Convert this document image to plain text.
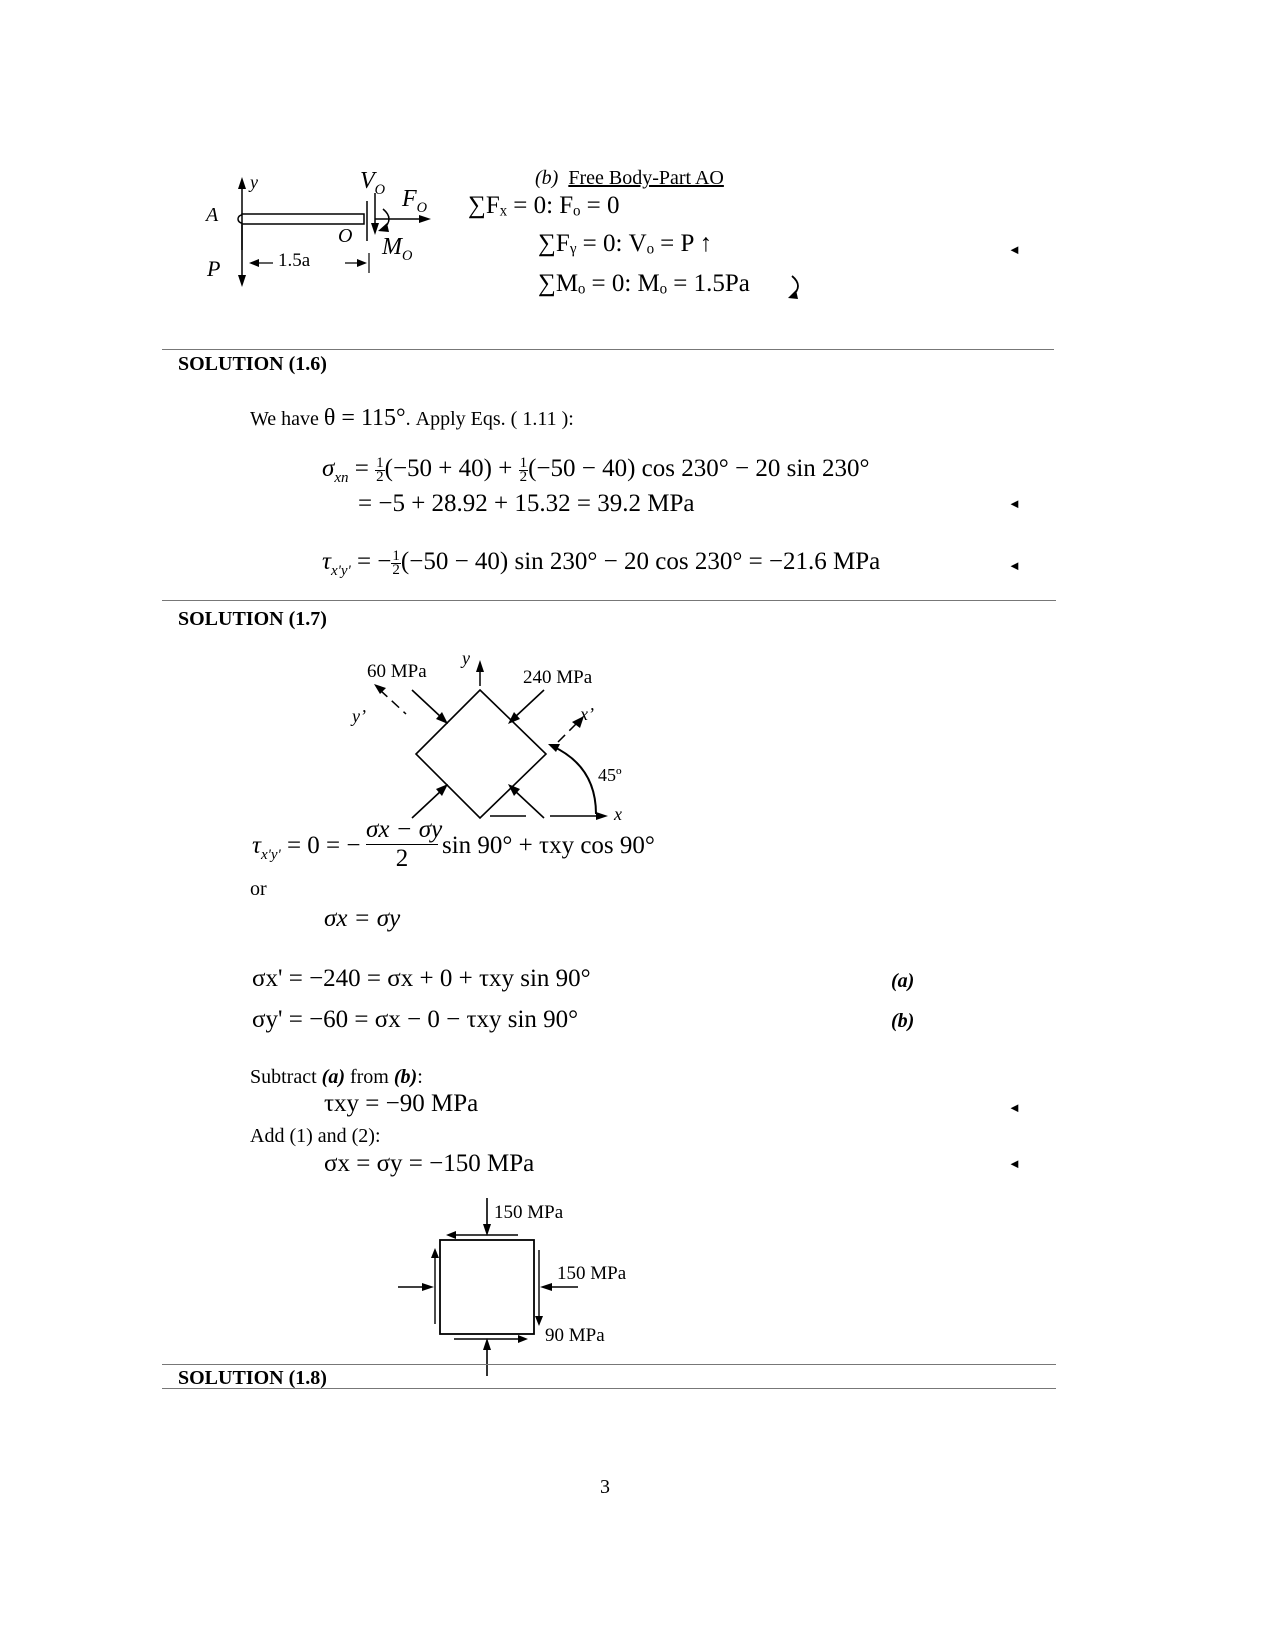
y
A
P
O
$V_O$ $F_O$
$M_O$
1.5a
(b) Free Body-Part AO
∑Fₓ = 0: Fₒ = 0
∑Fᵧ = 0: Vₒ = P ↑
∑Mₒ = 0: Mₒ = 1.5Pa
◄
SOLUTION (1.6)
We have θ = 115°. Apply Eqs. ( 1.11 ):
$\sigma_{xn} = \frac{1}{2} (-50 + 40) + \frac{1}{2} (-50 - 40)$ cos 230° − 20 sin 230°
= −5 + 28.92 + 15.32 = 39.2 MPa	◄
$\tau_{x'y'}$ = − $\frac{1}{2} (-50 - 40)$ sin 230° − 20 cos 230° = −21.6 MPa	◄
SOLUTION (1.7)
60 MPa	240 MPa
y
y’	x’
45º
x
$\tau_{x'y'} = 0$ = −
σx − σy
2	sin 90° + τxy cos 90°
or
σx = σy
σx' = −240 = σx + 0 + τxy sin 90°	(a)
σy' = −60 = σx − 0 − τxy sin 90°	(b)
Subtract (a) from (b):
τxy = −90 MPa	◄
Add (1) and (2):
σx = σy = −150 MPa	◄
150 MPa
150 MPa
90 MPa
SOLUTION (1.8)
3
